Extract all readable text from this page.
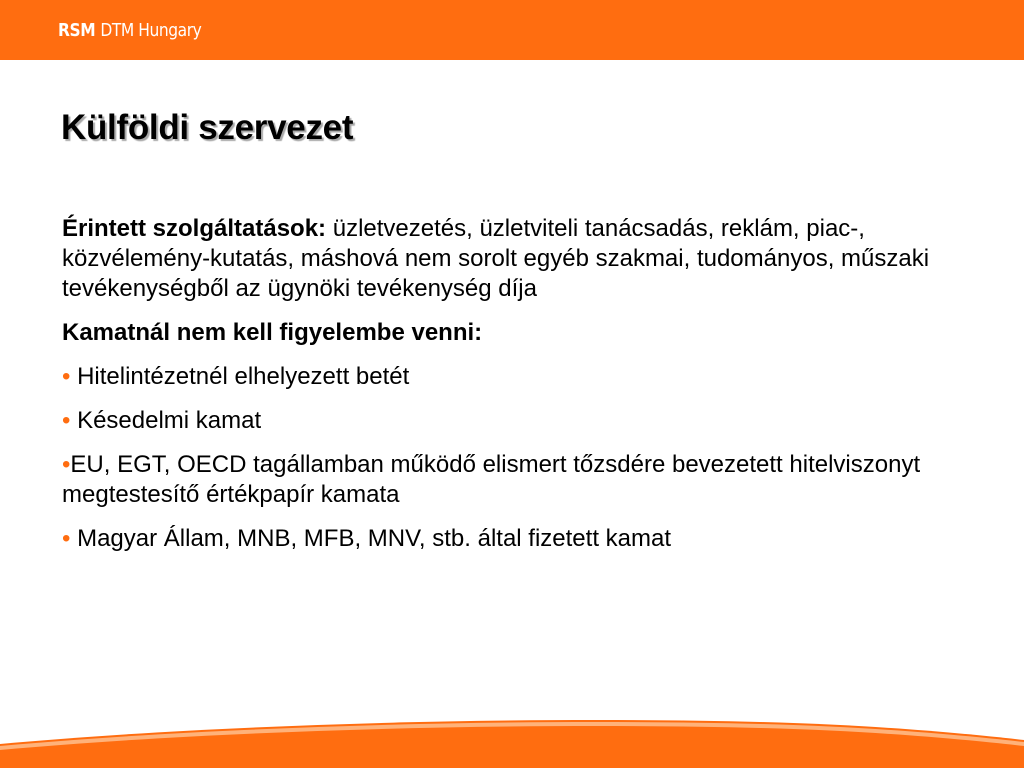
RSM DTM Hungary
Külföldi szervezet

Érintett szolgáltatások: üzletvezetés, üzletviteli tanácsadás, reklám, piac-, közvélemény-kutatás, máshová nem sorolt egyéb szakmai, tudományos, műszaki tevékenységből az ügynöki tevékenység díja

Kamatnál nem kell figyelembe venni:

• Hitelintézetnél elhelyezett betét

• Késedelmi kamat

•EU, EGT, OECD tagállamban működő elismert tőzsdére bevezetett hitelviszonyt megtestesítő értékpapír kamata

• Magyar Állam, MNB, MFB, MNV, stb. által fizetett kamat
